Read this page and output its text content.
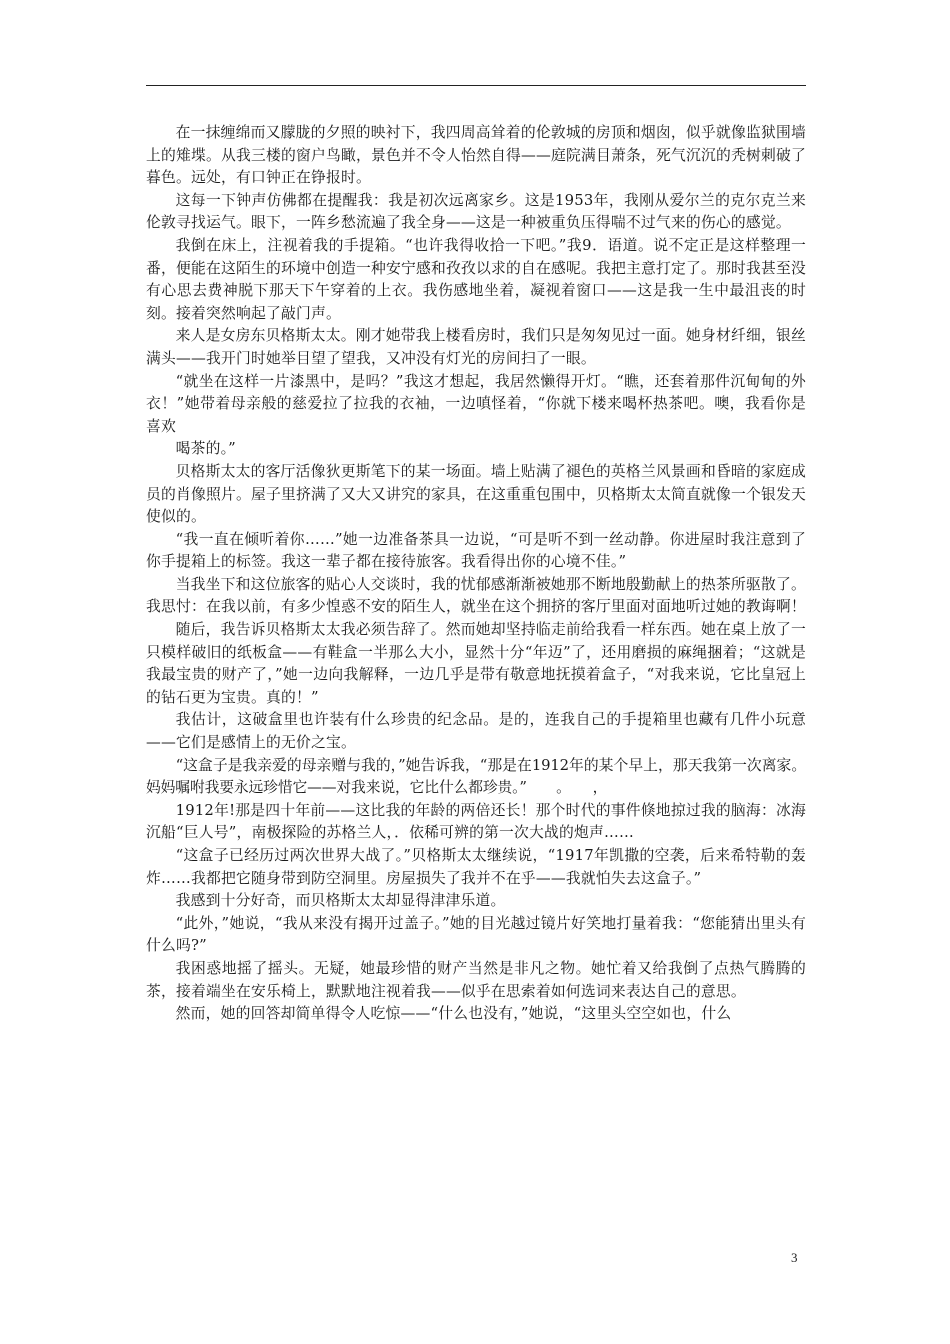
在一抹缠绵而又朦胧的夕照的映衬下，我四周高耸着的伦敦城的房顶和烟囱，似乎就像监狱围墙上的雉堞。从我三楼的窗户鸟瞰，景色并不令人怡然自得——庭院满目萧条，死气沉沉的秃树刺破了暮色。远处，有口钟正在铮报时。

这每一下钟声仿佛都在提醒我：我是初次远离家乡。这是1953年，我刚从爱尔兰的克尔克兰来伦敦寻找运气。眼下，一阵乡愁流遍了我全身——这是一种被重负压得喘不过气来的伤心的感觉。

我倒在床上，注视着我的手提箱。“也许我得收拾一下吧。”我9．语道。说不定正是这样整理一番，便能在这陌生的环境中创造一种安宁感和孜孜以求的自在感呢。我把主意打定了。那时我甚至没有心思去费神脱下那天下午穿着的上衣。我伤感地坐着，凝视着窗口——这是我一生中最沮丧的时刻。接着突然响起了敲门声。

来人是女房东贝格斯太太。刚才她带我上楼看房时，我们只是匆匆见过一面。她身材纤细，银丝满头——我开门时她举目望了望我，又冲没有灯光的房间扫了一眼。

“就坐在这样一片漆黑中，是吗？”我这才想起，我居然懒得开灯。“瞧，还套着那件沉甸甸的外衣！”她带着母亲般的慈爱拉了拉我的衣袖，一边嗔怪着，“你就下楼来喝杯热茶吧。噢，我看你是喜欢

喝茶的。”

贝格斯太太的客厅活像狄更斯笔下的某一场面。墙上贴满了褪色的英格兰风景画和昏暗的家庭成员的肖像照片。屋子里挤满了又大又讲究的家具，在这重重包围中，贝格斯太太简直就像一个银发天使似的。

“我一直在倾听着你……”她一边准备茶具一边说，“可是听不到一丝动静。你进屋时我注意到了你手提箱上的标签。我这一辈子都在接待旅客。我看得出你的心境不佳。”

当我坐下和这位旅客的贴心人交谈时，我的忧郁感渐渐被她那不断地殷勤献上的热茶所驱散了。我思忖：在我以前，有多少惶惑不安的陌生人，就坐在这个拥挤的客厅里面对面地听过她的教诲啊！

随后，我告诉贝格斯太太我必须告辞了。然而她却坚持临走前给我看一样东西。她在桌上放了一只模样破旧的纸板盒——有鞋盒一半那么大小，显然十分“年迈”了，还用磨损的麻绳捆着；“这就是我最宝贵的财产了，”她一边向我解释，一边几乎是带有敬意地抚摸着盒子，“对我来说，它比皇冠上的钻石更为宝贵。真的！”

我估计，这破盒里也许装有什么珍贵的纪念品。是的，连我自己的手提箱里也藏有几件小玩意——它们是感情上的无价之宝。

“这盒子是我亲爱的母亲赠与我的，”她告诉我，“那是在1912年的某个早上，那天我第一次离家。妈妈嘱咐我要永远珍惜它——对我来说，它比什么都珍贵。”　　。　　，

1912年!那是四十年前——这比我的年龄的两倍还长！那个时代的事件倏地掠过我的脑海：冰海沉船“巨人号”，南极探险的苏格兰人，．依稀可辨的第一次大战的炮声……

“这盒子已经历过两次世界大战了。”贝格斯太太继续说，“1917年凯撒的空袭，后来希特勒的轰炸……我都把它随身带到防空洞里。房屋损失了我并不在乎——我就怕失去这盒子。”

我感到十分好奇，而贝格斯太太却显得津津乐道。

“此外，”她说，“我从来没有揭开过盖子。”她的目光越过镜片好笑地打量着我：“您能猜出里头有什么吗?”

我困惑地摇了摇头。无疑，她最珍惜的财产当然是非凡之物。她忙着又给我倒了点热气腾腾的茶，接着端坐在安乐椅上，默默地注视着我——似乎在思索着如何选词来表达自己的意思。

然而，她的回答却简单得令人吃惊——“什么也没有，”她说，“这里头空空如也，什么

3
